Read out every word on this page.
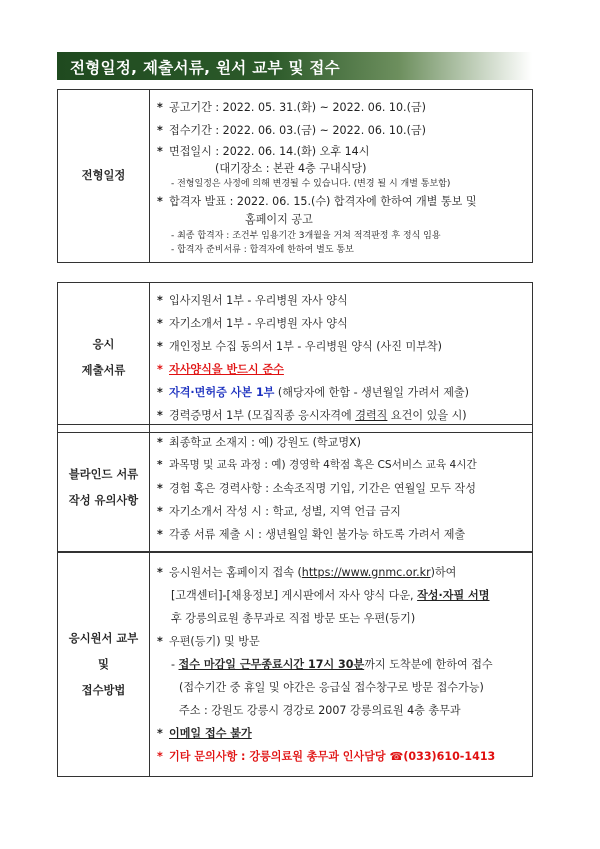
전형일정, 제출서류, 원서 교부 및 접수
전형일정	
* 공고기간 : 2022. 05. 31.(화) ~ 2022. 06. 10.(금)
* 접수기간 : 2022. 06. 03.(금) ~ 2022. 06. 10.(금)
* 면접일시 : 2022. 06. 14.(화) 오후 14시
(대기장소 : 본관 4층 구내식당)
- 전형일정은 사정에 의해 변경될 수 있습니다. (변경 될 시 개별 통보함)
* 합격자 발표 : 2022. 06. 15.(수) 합격자에 한하여 개별 통보 및
홈페이지 공고
- 최종 합격자 : 조건부 임용기간 3개월을 거쳐 적격판정 후 정식 임용
- 합격자 준비서류 : 합격자에 한하여 별도 통보
응시
제출서류

* 입사지원서 1부 - 우리병원 자사 양식
* 자기소개서 1부 - 우리병원 자사 양식
* 개인정보 수집 동의서 1부 - 우리병원 양식 (사진 미부착)
* 자사양식을 반드시 준수
* 자격·면허증 사본 1부 (해당자에 한함 - 생년월일 가려서 제출)
* 경력증명서 1부 (모집직종 응시자격에 경력직 요건이 있을 시)
블라인드 서류
작성 유의사항

* 최종학교 소재지 : 예) 강원도 (학교명X)
* 과목명 및 교육 과정 : 예) 경영학 4학점 혹은 CS서비스 교육 4시간
* 경험 혹은 경력사항 : 소속조직명 기입, 기간은 연월일 모두 작성
* 자기소개서 작성 시 : 학교, 성별, 지역 언급 금지
* 각종 서류 제출 시 : 생년월일 확인 불가능 하도록 가려서 제출
응시원서 교부
및
접수방법

* 응시원서는 홈페이지 접속 (https://www.gnmc.or.kr)하여
[고객센터]-[채용정보] 게시판에서 자사 양식 다운, 작성·자필 서명
후 강릉의료원 총무과로 직접 방문 또는 우편(등기)
* 우편(등기) 및 방문
- 접수 마감일 근무종료시간 17시 30분까지 도착분에 한하여 접수
(접수기간 중 휴일 및 야간은 응급실 접수창구로 방문 접수가능)
주소 : 강원도 강릉시 경강로 2007 강릉의료원 4층 총무과
* 이메일 접수 불가
* 기타 문의사항 : 강릉의료원 총무과 인사담당 ☎(033)610-1413
